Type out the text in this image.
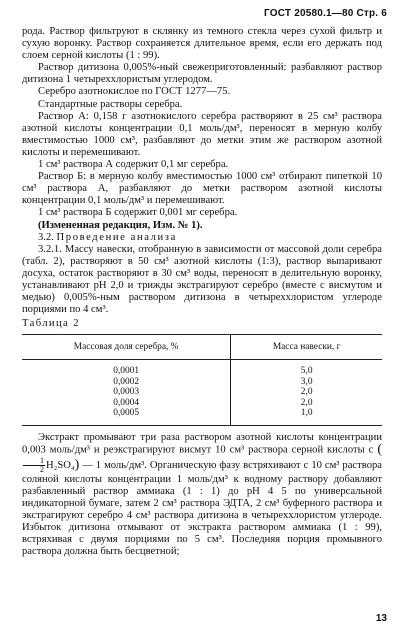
ГОСТ 20580.1—80 Стр. 6

рода. Раствор фильтруют в склянку из темного стекла через сухой фильтр и сухую воронку. Раствор сохраняется длительное время, если его держать под слоем серной кислоты (1 : 99).

Раствор дитизона 0,005%-ный свежеприготовленный: разбавляют раствор дитизона 1 четыреххлористым углеродом.

Серебро азотнокислое по ГОСТ 1277—75.

Стандартные растворы серебра.

Раствор А: 0,158 г азотнокислого серебра растворяют в 25 см³ раствора азотной кислоты концентрации 0,1 моль/дм³, переносят в мерную колбу вместимостью 1000 см³, разбавляют до метки этим же раствором азотной кислоты и перемешивают.

1 см³ раствора А содержит 0,1 мг серебра.

Раствор Б: в мерную колбу вместимостью 1000 см³ отбирают пипеткой 10 см³ раствора А, разбавляют до метки раствором азотной кислоты концентрации 0,1 моль/дм³ и перемешивают.

1 см³ раствора Б содержит 0,001 мг серебра.

(Измененная редакция, Изм. № 1).

3.2. Проведение анализа

3.2.1. Массу навески, отобранную в зависимости от массовой доли серебра (табл. 2), растворяют в 50 см³ азотной кислоты (1:3), раствор выпаривают досуха, остаток растворяют в 30 см³ воды, переносят в делительную воронку, устанавливают pH 2,0 и трижды экстрагируют серебро (вместе с висмутом и медью) 0,005%-ным раствором дитизона в четыреххлористом углероде порциями по 4 см³.

Таблица 2

Массовая доля серебра, %	Масса навески, г
0,0001	5,0
0,0002	3,0
0,0003	2,0
0,0004	2,0
0,0005	1,0

Экстракт промывают три раза раствором азотной кислоты концентрации 0,003 моль/дм³ и реэкстрагируют висмут 10 см³ раствора серной кислоты с (
$\frac{1}{2} H_2SO_4$) — 1 моль/дм³. Органическую фазу встряхивают с 10 см³ раствора соляной кислоты концентрации 1 моль/дм³ к водному раствору добавляют разбавленный раствор аммиака (1 : 1) до pH 4 5 по универсальной индикаторной бумаге, затем 2 см³ раствора ЭДТА, 2 см³ буферного раствора и экстрагируют серебро 4 см³ раствора дитизона в четыреххлористом углероде. Избыток дитизона отмывают от экстракта раствором аммиака (1 : 99), встряхивая с двумя порциями по 5 см³. Последняя порция промывного раствора должна быть бесцветной;

13
